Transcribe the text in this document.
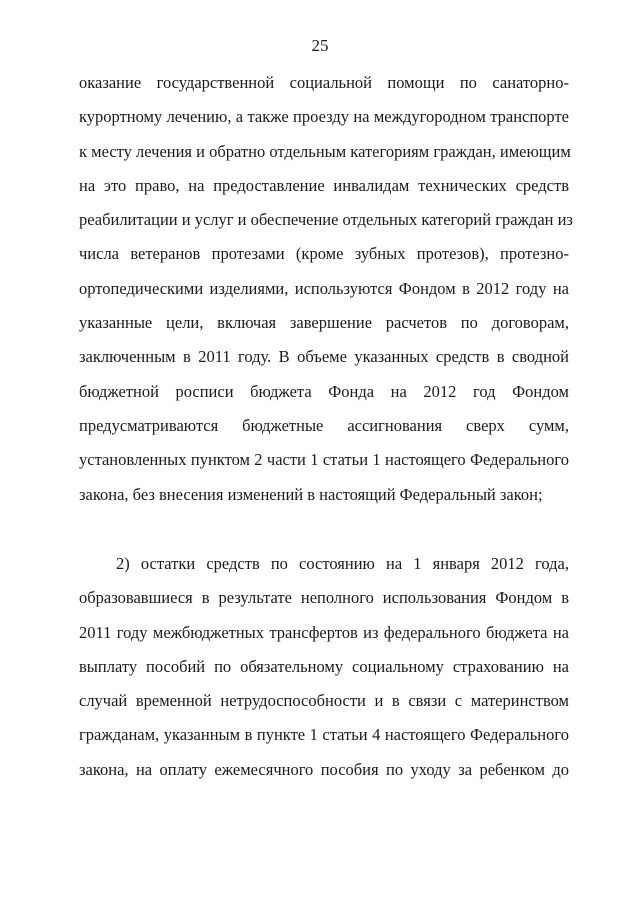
25
оказание государственной социальной помощи по санаторно-
курортному лечению, а также проезду на междугородном транспорте
к месту лечения и обратно отдельным категориям граждан, имеющим
на это право, на предоставление инвалидам технических средств
реабилитации и услуг и обеспечение отдельных категорий граждан из
числа ветеранов протезами (кроме зубных протезов), протезно-
ортопедическими изделиями, используются Фондом в 2012 году на
указанные цели, включая завершение расчетов по договорам,
заключенным в 2011 году. В объеме указанных средств в сводной
бюджетной росписи бюджета Фонда на 2012 год Фондом
предусматриваются бюджетные ассигнования сверх сумм,
установленных пунктом 2 части 1 статьи 1 настоящего Федерального
закона, без внесения изменений в настоящий Федеральный закон;
2) остатки средств по состоянию на 1 января 2012 года,
образовавшиеся в результате неполного использования Фондом в
2011 году межбюджетных трансфертов из федерального бюджета на
выплату пособий по обязательному социальному страхованию на
случай временной нетрудоспособности и в связи с материнством
гражданам, указанным в пункте 1 статьи 4 настоящего Федерального
закона, на оплату ежемесячного пособия по уходу за ребенком до
